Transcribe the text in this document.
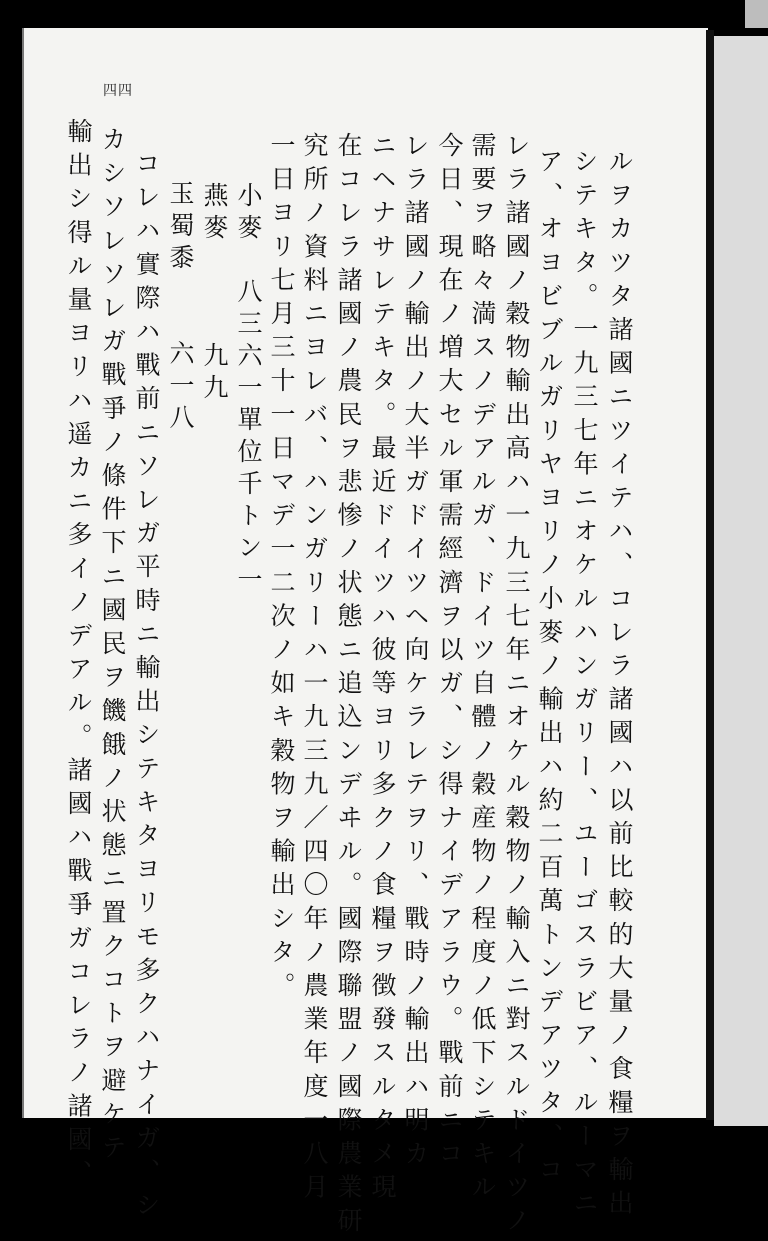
四四
ルヲカツタ諸國ニツイテハ、コレラ諸國ハ以前比較的大量ノ食糧ヲ輸出
シテキタ。一九三七年ニオケルハンガリー、ユーゴスラビア、ルーマニ
ア、オヨビブルガリヤヨリノ小麥ノ輸出ハ約二百萬トンデアツタ、コ
レラ諸國ノ穀物輸出高ハ一九三七年ニオケル穀物ノ輸入ニ對スルドイツノ
需要ヲ略々満スノデアルガ、ドイツ自體ノ穀産物ノ程度ノ低下シテキル
今日、現在ノ増大セル軍需經濟ヲ以ガ、シ得ナイデアラウ。戰前ニコ
レラ諸國ノ輸出ノ大半ガドイツヘ向ケラレテヲリ、戰時ノ輸出ハ明カ
ニヘナサレテキタ。最近ドイツハ彼等ヨリ多クノ食糧ヲ徴發スルタメ現
在コレラ諸國ノ農民ヲ悲惨ノ状態ニ追込ンデヰル。國際聯盟ノ國際農業研
究所ノ資料ニヨレバ、ハンガリーハ一九三九／四〇年ノ農業年度一八月
一日ヨリ七月三十一日マデ一二次ノ如キ穀物ヲ輸出シタ。
小麥　八三六一單位千トン一
燕麥　　　九九
玉蜀黍　　六一八
コレハ實際ハ戰前ニソレガ平時ニ輸出シテキタヨリモ多クハナイガ、シ
カシソレソレガ戰爭ノ條件下ニ國民ヲ饑餓ノ状態ニ置クコトヲ避ケテ
輸出シ得ル量ヨリハ遥カニ多イノデアル。諸國ハ戰爭ガコレラノ諸國、
